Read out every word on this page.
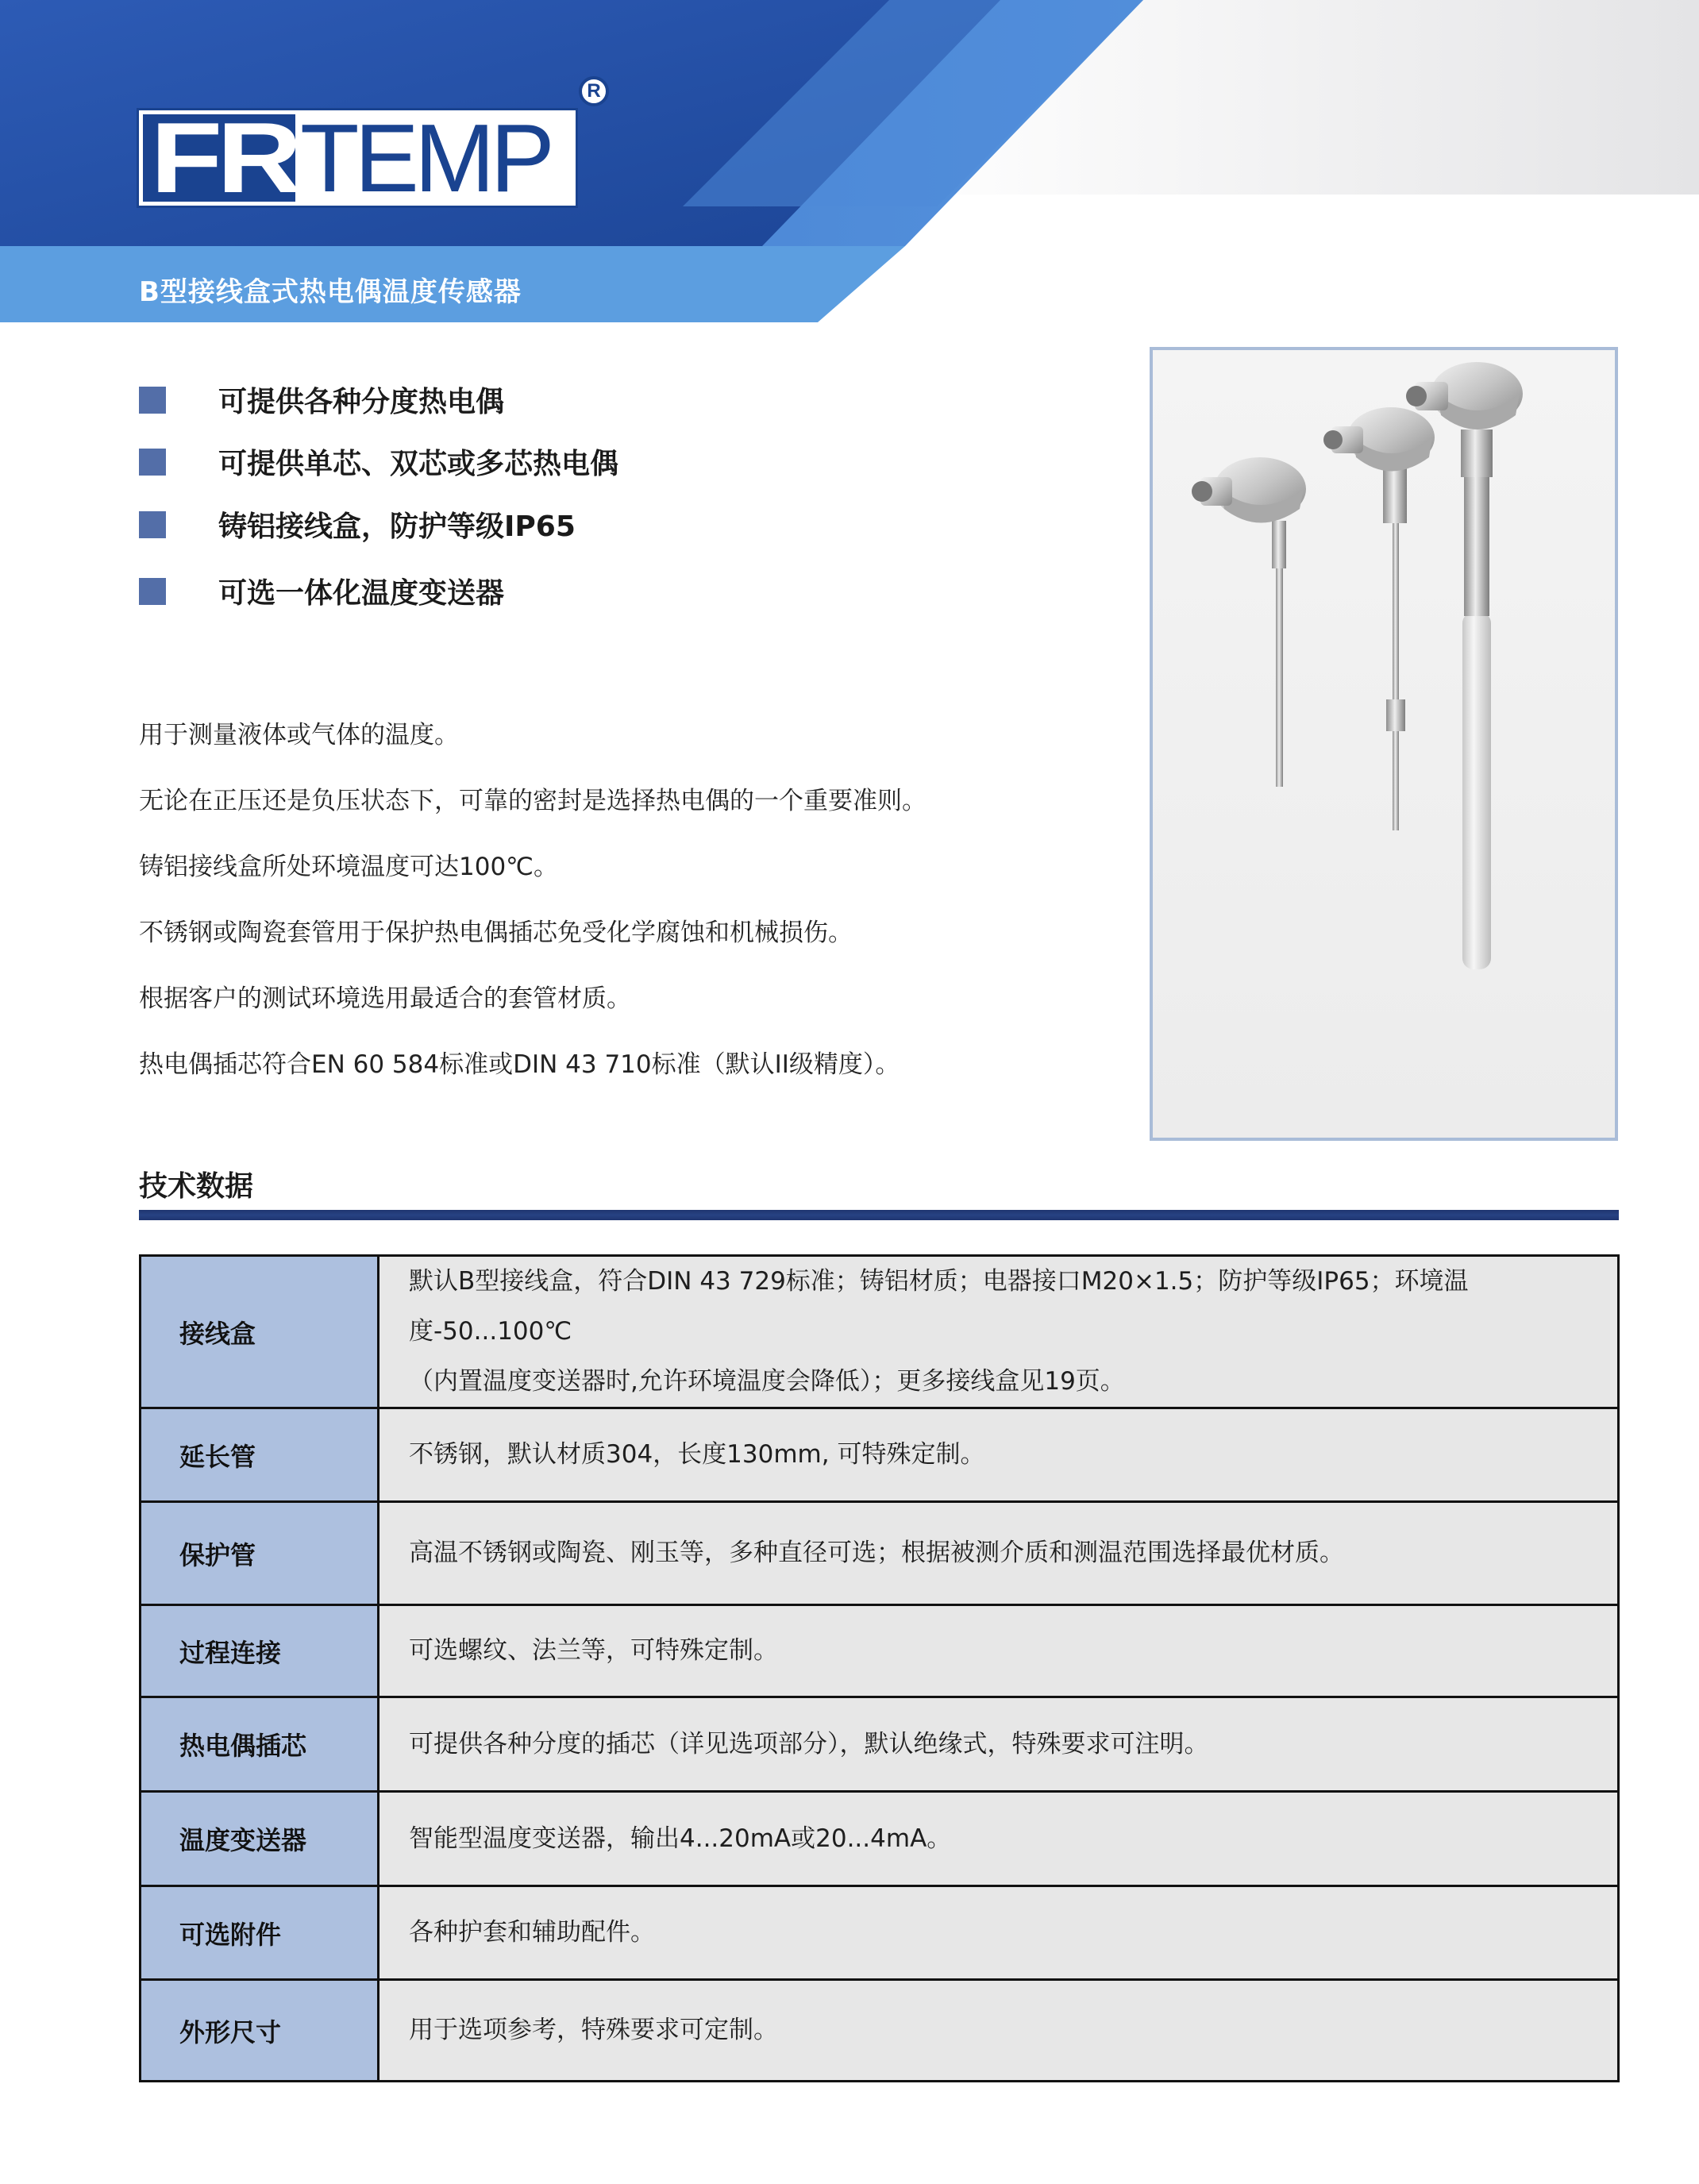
FR TEMP
R
B型接线盒式热电偶温度传感器
可提供各种分度热电偶
可提供单芯、双芯或多芯热电偶
铸铝接线盒，防护等级IP65
可选一体化温度变送器

用于测量液体或气体的温度。

无论在正压还是负压状态下，可靠的密封是选择热电偶的一个重要准则。

铸铝接线盒所处环境温度可达100℃。

不锈钢或陶瓷套管用于保护热电偶插芯免受化学腐蚀和机械损伤。

根据客户的测试环境选用最适合的套管材质。

热电偶插芯符合EN 60 584标准或DIN 43 710标准（默认II级精度）。

技术数据
接线盒	默认B型接线盒，符合DIN 43 729标准；铸铝材质；电器接口M20×1.5；防护等级IP65；环境温度-50...100℃
（内置温度变送器时,允许环境温度会降低）；更多接线盒见19页。

延长管	不锈钢，默认材质304，长度130mm, 可特殊定制。

保护管	高温不锈钢或陶瓷、刚玉等，多种直径可选；根据被测介质和测温范围选择最优材质。

过程连接	可选螺纹、法兰等，可特殊定制。

热电偶插芯	可提供各种分度的插芯（详见选项部分），默认绝缘式，特殊要求可注明。

温度变送器	智能型温度变送器，输出4...20mA或20...4mA。

可选附件	各种护套和辅助配件。

外形尺寸	用于选项参考，特殊要求可定制。
